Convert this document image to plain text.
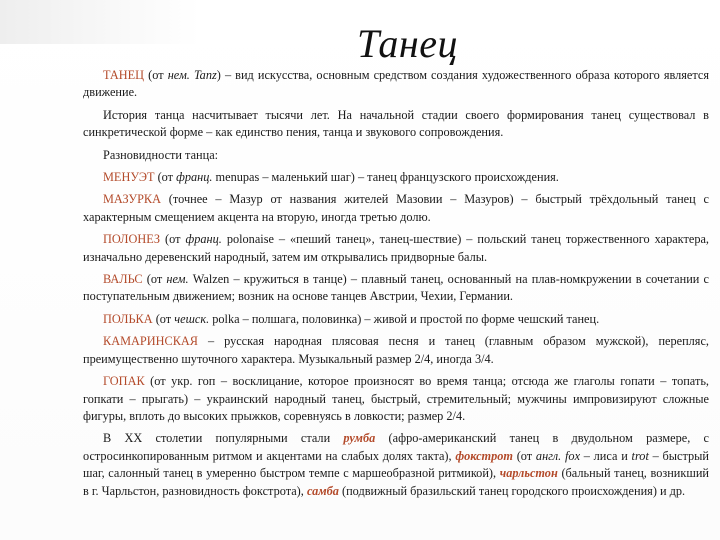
Танец

ТАНЕЦ (от нем. Tanz) – вид искусства, основным средством создания художественного образа которого является движение.

История танца насчитывает тысячи лет. На начальной стадии своего формирования танец существовал в синкретической форме – как единство пения, танца и звукового сопровождения.

Разновидности танца:

МЕНУЭТ (от франц. menupas – маленький шаг) – танец французского происхождения.

МАЗУРКА (точнее – Мазур от названия жителей Мазовии – Мазуров) – быстрый трёхдольный танец с характерным смещением акцента на вторую, иногда третью долю.

ПОЛОНЕЗ (от франц. polonaise – «пеший танец», танец-шествие) – польский танец торжественного характера, изначально деревенский народный, затем им открывались придворные балы.

ВАЛЬС (от нем. Walzen – кружиться в танце) – плавный танец, основанный на плав-номкружении в сочетании с поступательным движением; возник на основе танцев Австрии, Чехии, Германии.

ПОЛЬКА (от чешск. polka – полшага, половинка) – живой и простой по форме чешский танец.

КАМАРИНСКАЯ – русская народная плясовая песня и танец (главным образом мужской), перепляс, преимущественно шуточного характера. Музыкальный размер 2/4, иногда 3/4.

ГОПАК (от укр. гоп – восклицание, которое произносят во время танца; отсюда же глаголы гопати – топать, гопкати – прыгать) – украинский народный танец, быстрый, стремительный; мужчины импровизируют сложные фигуры, вплоть до высоких прыжков, соревнуясь в ловкости; размер 2/4.

В XX столетии популярными стали румба (афро-американский танец в двудольном размере, с остросинкопированным ритмом и акцентами на слабых долях такта), фокстрот (от англ. fox – лиса и trot – быстрый шаг, салонный танец в умеренно быстром темпе с маршеобразной ритмикой), чарльстон (бальный танец, возникший в г. Чарльстон, разновидность фокстрота), самба (подвижный бразильский танец городского происхождения) и др.
